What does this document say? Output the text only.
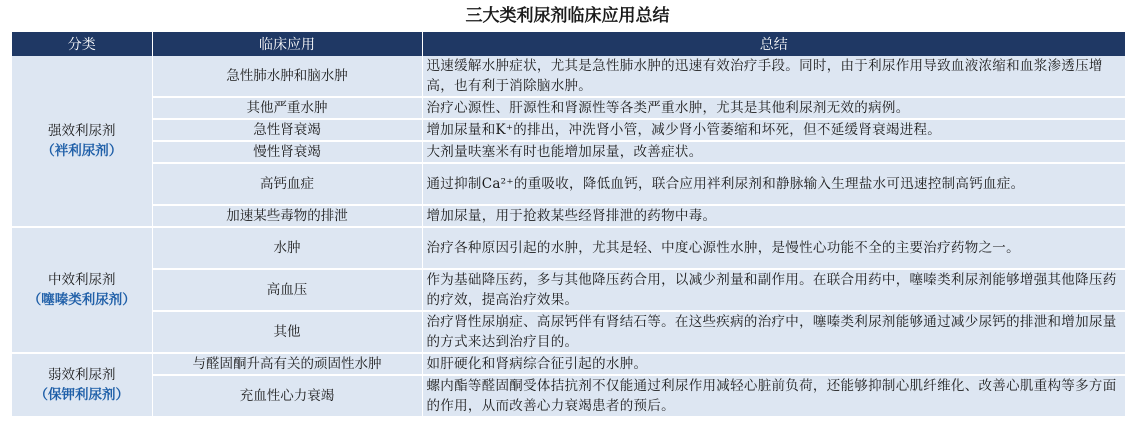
三大类利尿剂临床应用总结
分类	临床应用	总结

强效利尿剂
（袢利尿剂）	急性肺水肿和脑水肿	迅速缓解水肿症状，尤其是急性肺水肿的迅速有效治疗手段。同时，由于利尿作用导致血液浓缩和血浆渗透压增高，也有利于消除脑水肿。
	其他严重水肿	治疗心源性、肝源性和肾源性等各类严重水肿，尤其是其他利尿剂无效的病例。
	急性肾衰竭	增加尿量和K⁺的排出，冲洗肾小管，减少肾小管萎缩和坏死，但不延缓肾衰竭进程。
	慢性肾衰竭	大剂量呋塞米有时也能增加尿量，改善症状。
	高钙血症	通过抑制Ca²⁺的重吸收，降低血钙，联合应用袢利尿剂和静脉输入生理盐水可迅速控制高钙血症。
	加速某些毒物的排泄	增加尿量，用于抢救某些经肾排泄的药物中毒。

中效利尿剂
（噻嗪类利尿剂）	水肿	治疗各种原因引起的水肿，尤其是轻、中度心源性水肿，是慢性心功能不全的主要治疗药物之一。
	高血压	作为基础降压药，多与其他降压药合用，以减少剂量和副作用。在联合用药中，噻嗪类利尿剂能够增强其他降压药的疗效，提高治疗效果。
	其他	治疗肾性尿崩症、高尿钙伴有肾结石等。在这些疾病的治疗中，噻嗪类利尿剂能够通过减少尿钙的排泄和增加尿量的方式来达到治疗目的。

弱效利尿剂
（保钾利尿剂）	与醛固酮升高有关的顽固性水肿	如肝硬化和肾病综合征引起的水肿。
	充血性心力衰竭	螺内酯等醛固酮受体拮抗剂不仅能通过利尿作用减轻心脏前负荷，还能够抑制心肌纤维化、改善心肌重构等多方面的作用，从而改善心力衰竭患者的预后。
